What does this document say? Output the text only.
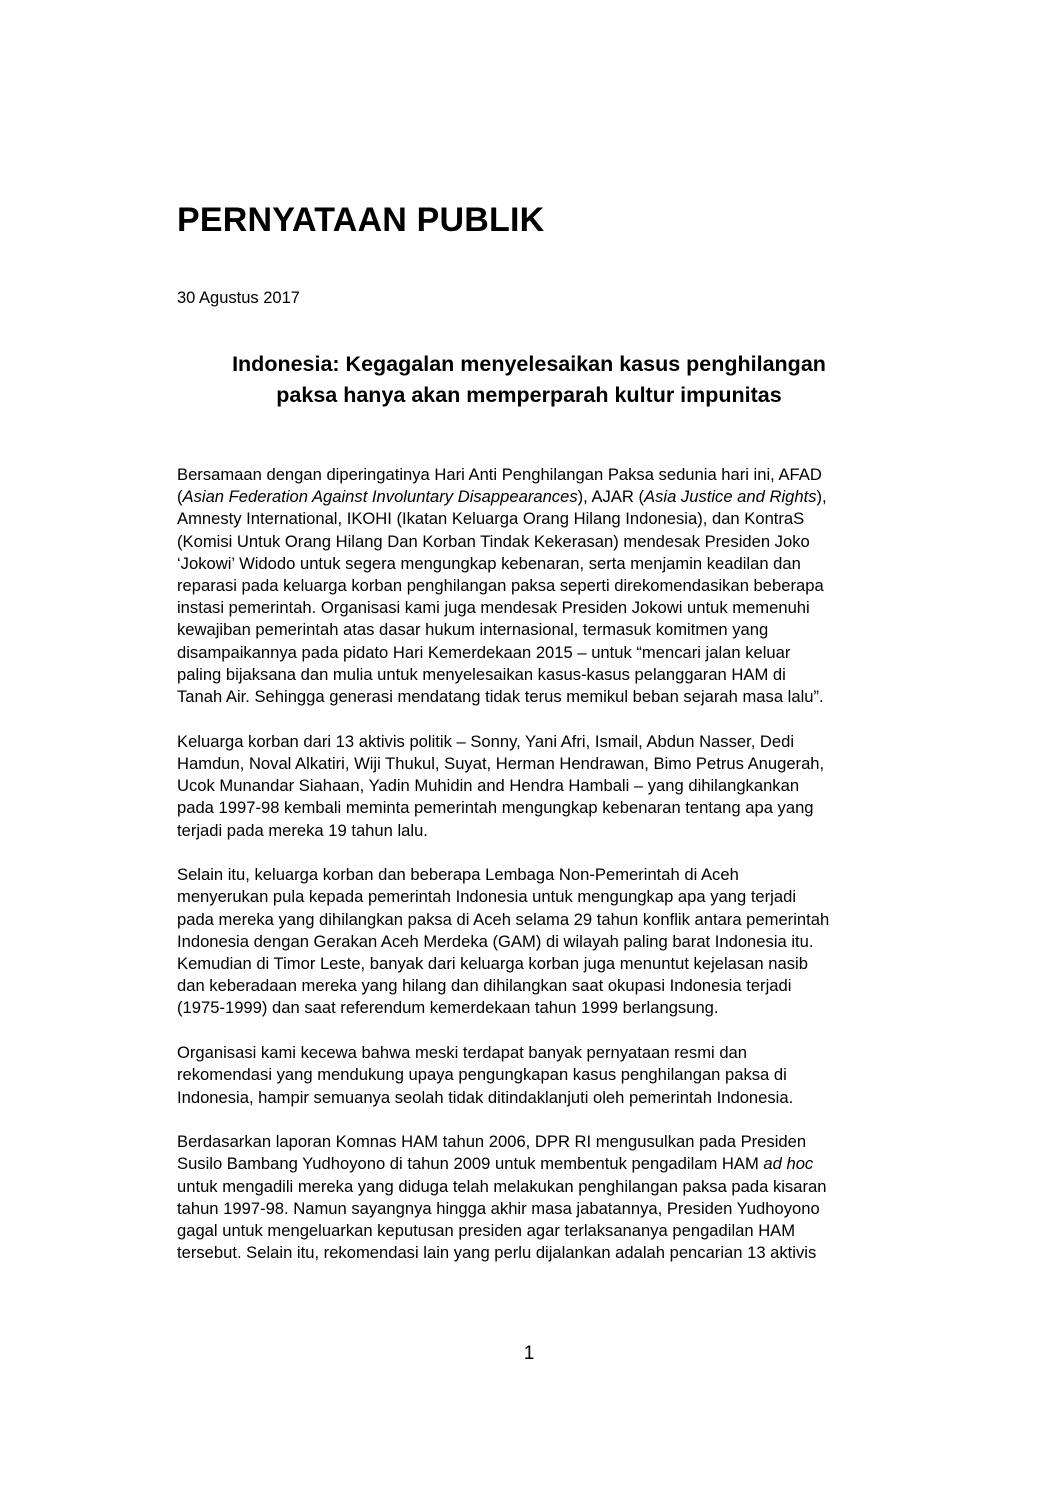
PERNYATAAN PUBLIK

30 Agustus 2017

Indonesia: Kegagalan menyelesaikan kasus penghilangan
paksa hanya akan memperparah kultur impunitas

Bersamaan dengan diperingatinya Hari Anti Penghilangan Paksa sedunia hari ini, AFAD
(Asian Federation Against Involuntary Disappearances), AJAR (Asia Justice and Rights),
Amnesty International, IKOHI (Ikatan Keluarga Orang Hilang Indonesia), dan KontraS
(Komisi Untuk Orang Hilang Dan Korban Tindak Kekerasan) mendesak Presiden Joko
‘Jokowi’ Widodo untuk segera mengungkap kebenaran, serta menjamin keadilan dan
reparasi pada keluarga korban penghilangan paksa seperti direkomendasikan beberapa
instasi pemerintah. Organisasi kami juga mendesak Presiden Jokowi untuk memenuhi
kewajiban pemerintah atas dasar hukum internasional, termasuk komitmen yang
disampaikannya pada pidato Hari Kemerdekaan 2015 – untuk “mencari jalan keluar
paling bijaksana dan mulia untuk menyelesaikan kasus-kasus pelanggaran HAM di
Tanah Air. Sehingga generasi mendatang tidak terus memikul beban sejarah masa lalu”.

Keluarga korban dari 13 aktivis politik – Sonny, Yani Afri, Ismail, Abdun Nasser, Dedi
Hamdun, Noval Alkatiri, Wiji Thukul, Suyat, Herman Hendrawan, Bimo Petrus Anugerah,
Ucok Munandar Siahaan, Yadin Muhidin and Hendra Hambali – yang dihilangkankan
pada 1997-98 kembali meminta pemerintah mengungkap kebenaran tentang apa yang
terjadi pada mereka 19 tahun lalu.

Selain itu, keluarga korban dan beberapa Lembaga Non-Pemerintah di Aceh
menyerukan pula kepada pemerintah Indonesia untuk mengungkap apa yang terjadi
pada mereka yang dihilangkan paksa di Aceh selama 29 tahun konflik antara pemerintah
Indonesia dengan Gerakan Aceh Merdeka (GAM) di wilayah paling barat Indonesia itu.
Kemudian di Timor Leste, banyak dari keluarga korban juga menuntut kejelasan nasib
dan keberadaan mereka yang hilang dan dihilangkan saat okupasi Indonesia terjadi
(1975-1999) dan saat referendum kemerdekaan tahun 1999 berlangsung.

Organisasi kami kecewa bahwa meski terdapat banyak pernyataan resmi dan
rekomendasi yang mendukung upaya pengungkapan kasus penghilangan paksa di
Indonesia, hampir semuanya seolah tidak ditindaklanjuti oleh pemerintah Indonesia.

Berdasarkan laporan Komnas HAM tahun 2006, DPR RI mengusulkan pada Presiden
Susilo Bambang Yudhoyono di tahun 2009 untuk membentuk pengadilam HAM ad hoc
untuk mengadili mereka yang diduga telah melakukan penghilangan paksa pada kisaran
tahun 1997-98. Namun sayangnya hingga akhir masa jabatannya, Presiden Yudhoyono
gagal untuk mengeluarkan keputusan presiden agar terlaksananya pengadilan HAM
tersebut. Selain itu, rekomendasi lain yang perlu dijalankan adalah pencarian 13 aktivis

1
